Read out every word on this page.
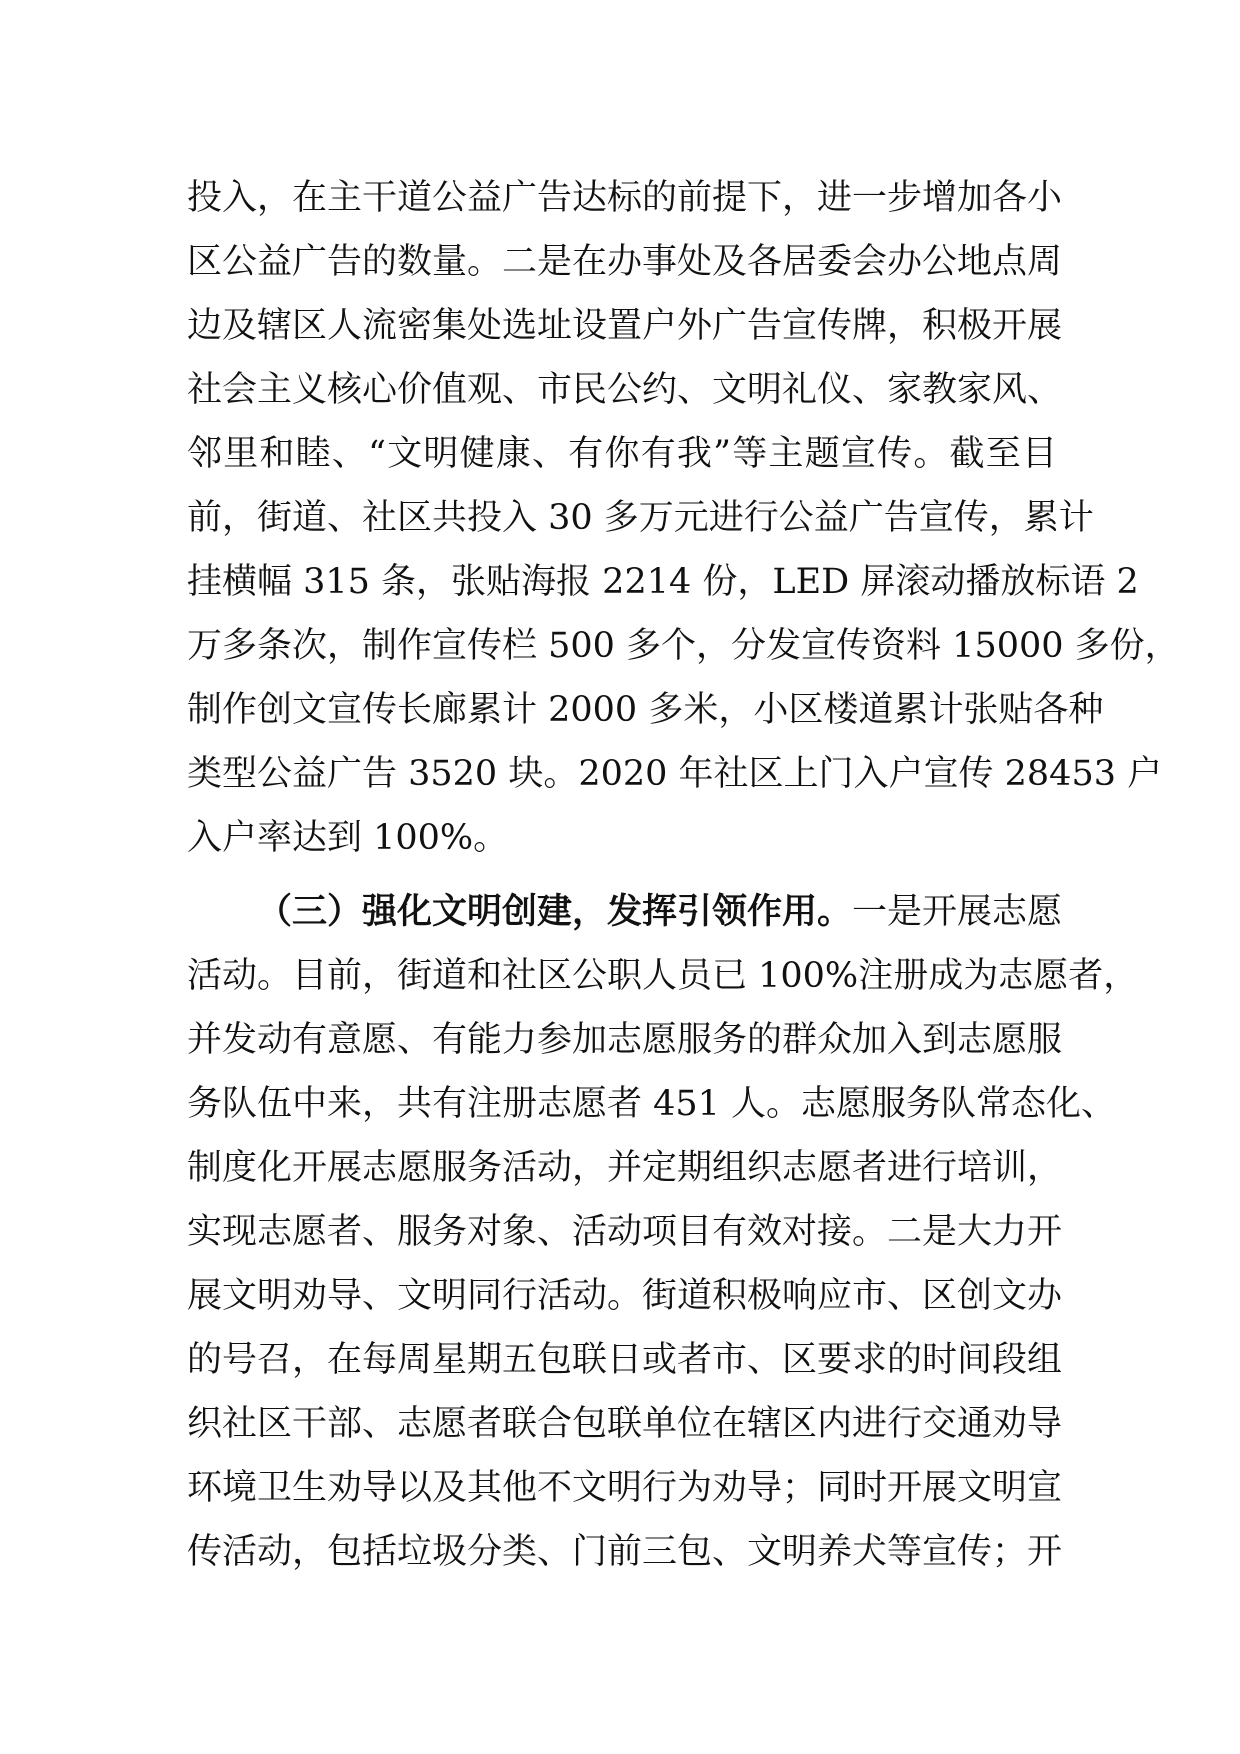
投入，在主干道公益广告达标的前提下，进一步增加各小
区公益广告的数量。二是在办事处及各居委会办公地点周
边及辖区人流密集处选址设置户外广告宣传牌，积极开展
社会主义核心价值观、市民公约、文明礼仪、家教家风、
邻里和睦、“文明健康、有你有我”等主题宣传。截至目
前，街道、社区共投入 30 多万元进行公益广告宣传，累计
挂横幅 315 条，张贴海报 2214 份，LED 屏滚动播放标语 2
万多条次，制作宣传栏 500 多个，分发宣传资料 15000 多份，
制作创文宣传长廊累计 2000 多米，小区楼道累计张贴各种
类型公益广告 3520 块。2020 年社区上门入户宣传 28453 户
入户率达到 100%。
（三）强化文明创建，发挥引领作用。一是开展志愿
活动。目前，街道和社区公职人员已 100%注册成为志愿者，
并发动有意愿、有能力参加志愿服务的群众加入到志愿服
务队伍中来，共有注册志愿者 451 人。志愿服务队常态化、
制度化开展志愿服务活动，并定期组织志愿者进行培训，
实现志愿者、服务对象、活动项目有效对接。二是大力开
展文明劝导、文明同行活动。街道积极响应市、区创文办
的号召，在每周星期五包联日或者市、区要求的时间段组
织社区干部、志愿者联合包联单位在辖区内进行交通劝导
环境卫生劝导以及其他不文明行为劝导；同时开展文明宣
传活动，包括垃圾分类、门前三包、文明养犬等宣传；开
